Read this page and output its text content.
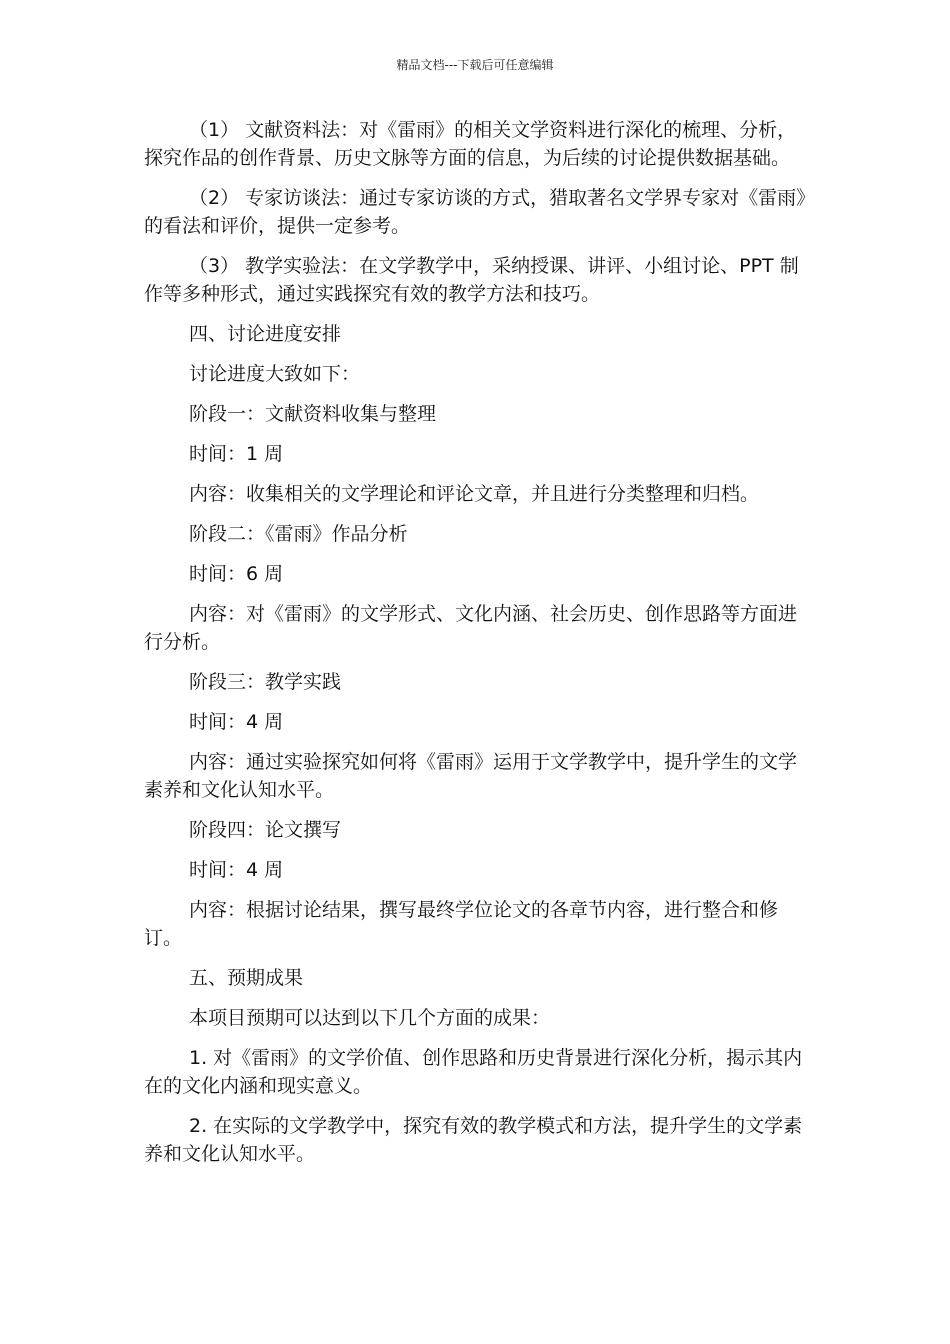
精品文档---下载后可任意编辑

（1） 文献资料法：对《雷雨》的相关文学资料进行深化的梳理、分析，探究作品的创作背景、历史文脉等方面的信息，为后续的讨论提供数据基础。

（2） 专家访谈法：通过专家访谈的方式，猎取著名文学界专家对《雷雨》的看法和评价，提供一定参考。

（3） 教学实验法：在文学教学中，采纳授课、讲评、小组讨论、PPT 制作等多种形式，通过实践探究有效的教学方法和技巧。

四、讨论进度安排

讨论进度大致如下：

阶段一：文献资料收集与整理

时间：1 周

内容：收集相关的文学理论和评论文章，并且进行分类整理和归档。

阶段二：《雷雨》作品分析

时间：6 周

内容：对《雷雨》的文学形式、文化内涵、社会历史、创作思路等方面进行分析。

阶段三：教学实践

时间：4 周

内容：通过实验探究如何将《雷雨》运用于文学教学中，提升学生的文学素养和文化认知水平。

阶段四：论文撰写

时间：4 周

内容：根据讨论结果，撰写最终学位论文的各章节内容，进行整合和修订。

五、预期成果

本项目预期可以达到以下几个方面的成果：

1. 对《雷雨》的文学价值、创作思路和历史背景进行深化分析，揭示其内在的文化内涵和现实意义。

2. 在实际的文学教学中，探究有效的教学模式和方法，提升学生的文学素养和文化认知水平。
